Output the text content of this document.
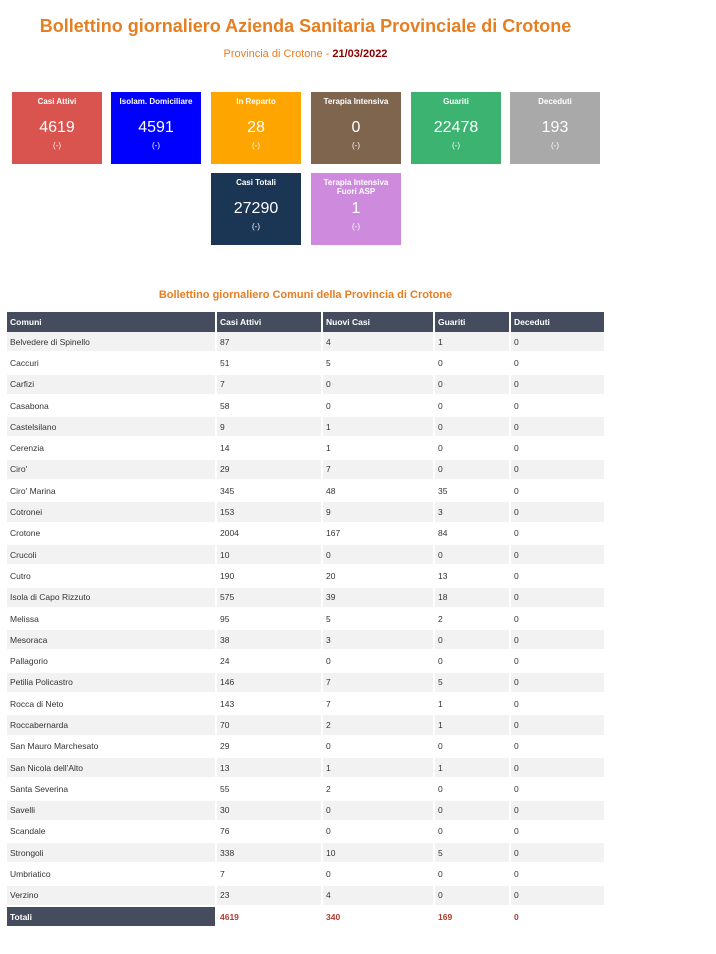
Bollettino giornaliero Azienda Sanitaria Provinciale di Crotone
Provincia di Crotone - 21/03/2022
Casi Attivi
4619
(-)
Isolam. Domiciliare
4591
(-)
In Reparto
28
(-)
Terapia Intensiva
0
(-)
Guariti
22478
(-)
Deceduti
193
(-)
Casi Totali
27290
(-)
Terapia Intensiva Fuori ASP
1
(-)
Bollettino giornaliero Comuni della Provincia di Crotone
Comuni	Casi Attivi	Nuovi Casi	Guariti	Deceduti
Belvedere di Spinello	87	4	1	0
Caccuri	51	5	0	0
Carfizi	7	0	0	0
Casabona	58	0	0	0
Castelsilano	9	1	0	0
Cerenzia	14	1	0	0
Ciro'	29	7	0	0
Ciro' Marina	345	48	35	0
Cotronei	153	9	3	0
Crotone	2004	167	84	0
Crucoli	10	0	0	0
Cutro	190	20	13	0
Isola di Capo Rizzuto	575	39	18	0
Melissa	95	5	2	0
Mesoraca	38	3	0	0
Pallagorio	24	0	0	0
Petilia Policastro	146	7	5	0
Rocca di Neto	143	7	1	0
Roccabernarda	70	2	1	0
San Mauro Marchesato	29	0	0	0
San Nicola dell'Alto	13	1	1	0
Santa Severina	55	2	0	0
Savelli	30	0	0	0
Scandale	76	0	0	0
Strongoli	338	10	5	0
Umbriatico	7	0	0	0
Verzino	23	4	0	0
Totali	4619	340	169	0
